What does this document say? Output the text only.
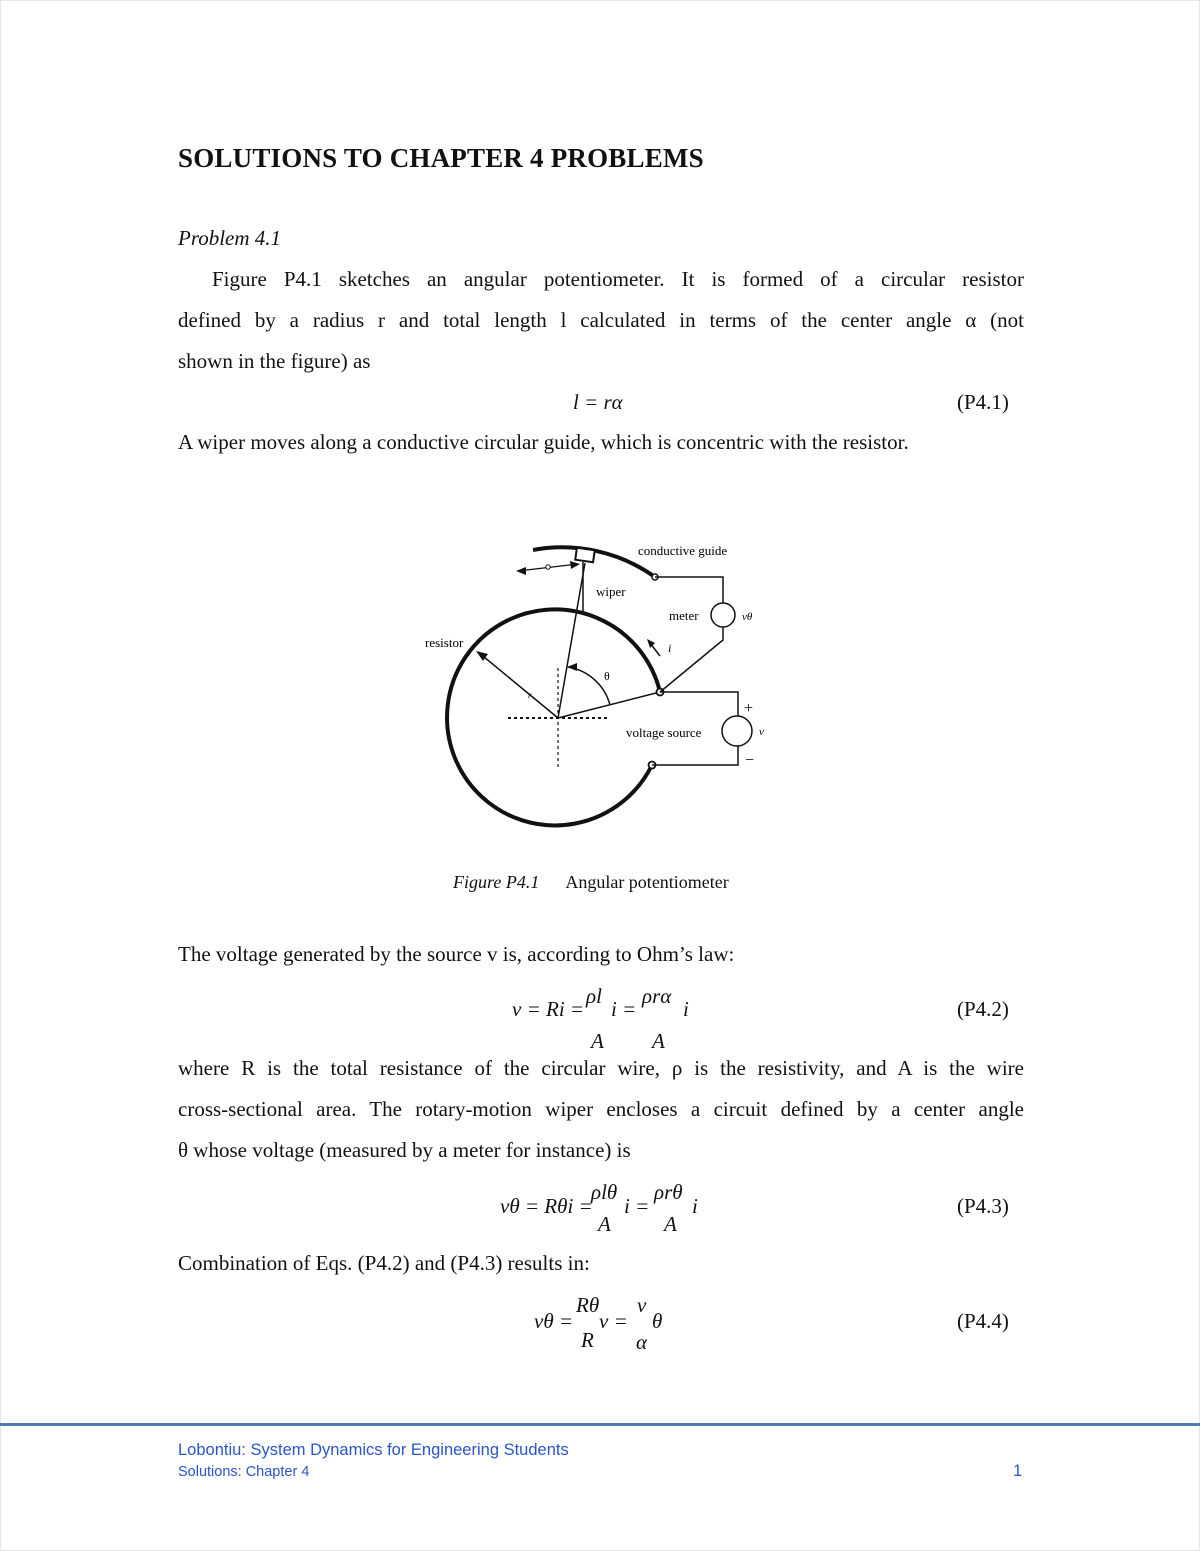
SOLUTIONS TO CHAPTER 4 PROBLEMS
Problem 4.1
Figure P4.1 sketches an angular potentiometer. It is formed of a circular resistor
defined by a radius r and total length l calculated in terms of the center angle α (not
shown in the figure) as
l = rα	(P4.1)
A wiper moves along a conductive circular guide, which is concentric with the resistor.
r
θ
i
meter	vθ
+
−
v
voltage source
conductive guide
wiper
resistor
Figure P4.1 Angular potentiometer
The voltage generated by the source v is, according to Ohm’s law:
v = Ri =
ρl
i =
ρrα
i
A A
(P4.2)
where R is the total resistance of the circular wire, ρ is the resistivity, and A is the wire
cross-sectional area. The rotary-motion wiper encloses a circuit defined by a center angle
θ whose voltage (measured by a meter for instance) is
vθ = Rθi =
ρlθ
i =
ρrθ
i
A	A
(P4.3)
Combination of Eqs. (P4.2) and (P4.3) results in:
vθ =
Rθ
v =
v
θ
R α
(P4.4)
Lobontiu: System Dynamics for Engineering Students
Solutions: Chapter 4	1
